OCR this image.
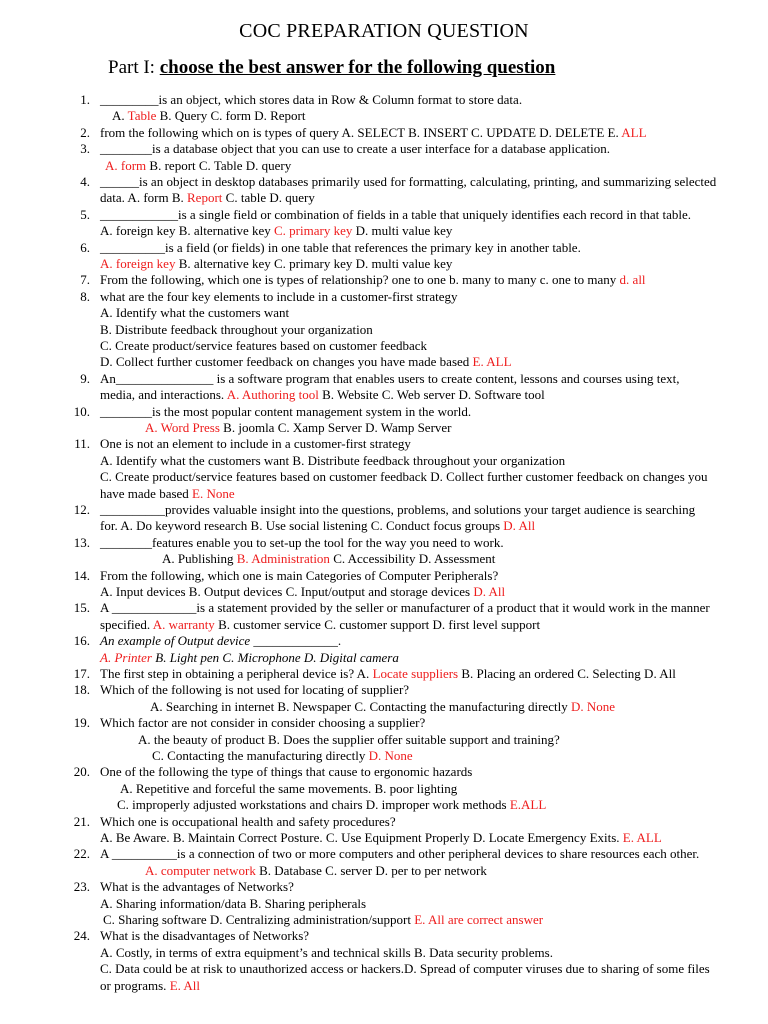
COC PREPARATION QUESTION
Part I: choose the best answer for the following question
1. _________is an object, which stores data in Row & Column format to store data.
A. Table B. Query C. form D. Report
2. from the following which on is types of query A. SELECT B. INSERT C. UPDATE D. DELETE E. ALL
3. ________is a database object that you can use to create a user interface for a database application.
A. form B. report C. Table D. query
4. ______is an object in desktop databases primarily used for formatting, calculating, printing, and summarizing selected
data. A. form B. Report C. table D. query
5. ____________is a single field or combination of fields in a table that uniquely identifies each record in that table.
A. foreign key B. alternative key C. primary key D. multi value key
6. __________is a field (or fields) in one table that references the primary key in another table.
A. foreign key B. alternative key C. primary key D. multi value key
7. From the following, which one is types of relationship? one to one b. many to many c. one to many d. all
8. what are the four key elements to include in a customer-first strategy
A. Identify what the customers want
B. Distribute feedback throughout your organization
C. Create product/service features based on customer feedback
D. Collect further customer feedback on changes you have made based E. ALL
9. An_______________ is a software program that enables users to create content, lessons and courses using text,
media, and interactions. A. Authoring tool B. Website C. Web server D. Software tool
10. ________is the most popular content management system in the world.
A. Word Press B. joomla C. Xamp Server D. Wamp Server
11. One is not an element to include in a customer-first strategy
A. Identify what the customers want B. Distribute feedback throughout your organization
C. Create product/service features based on customer feedback D. Collect further customer feedback on changes you
have made based E. None
12. __________provides valuable insight into the questions, problems, and solutions your target audience is searching
for. A. Do keyword research B. Use social listening C. Conduct focus groups D. All
13. ________features enable you to set-up the tool for the way you need to work.
A. Publishing B. Administration C. Accessibility D. Assessment
14. From the following, which one is main Categories of Computer Peripherals?
A. Input devices B. Output devices C. Input/output and storage devices D. All
15. A _____________is a statement provided by the seller or manufacturer of a product that it would work in the manner
specified. A. warranty B. customer service C. customer support D. first level support
16. An example of Output device _____________.
A. Printer B. Light pen C. Microphone D. Digital camera
17. The first step in obtaining a peripheral device is? A. Locate suppliers B. Placing an ordered C. Selecting D. All
18. Which of the following is not used for locating of supplier?
A. Searching in internet B. Newspaper C. Contacting the manufacturing directly D. None
19. Which factor are not consider in consider choosing a supplier?
A. the beauty of product B. Does the supplier offer suitable support and training?
C. Contacting the manufacturing directly D. None
20. One of the following the type of things that cause to ergonomic hazards
A. Repetitive and forceful the same movements. B. poor lighting
C. improperly adjusted workstations and chairs D. improper work methods E.ALL
21. Which one is occupational health and safety procedures?
A. Be Aware. B. Maintain Correct Posture. C. Use Equipment Properly D. Locate Emergency Exits. E. ALL
22. A __________is a connection of two or more computers and other peripheral devices to share resources each other.
A. computer network B. Database C. server D. per to per network
23. What is the advantages of Networks?
A. Sharing information/data B. Sharing peripherals
C. Sharing software D. Centralizing administration/support E. All are correct answer
24. What is the disadvantages of Networks?
A. Costly, in terms of extra equipment’s and technical skills B. Data security problems.
C. Data could be at risk to unauthorized access or hackers.D. Spread of computer viruses due to sharing of some files
or programs. E. All
